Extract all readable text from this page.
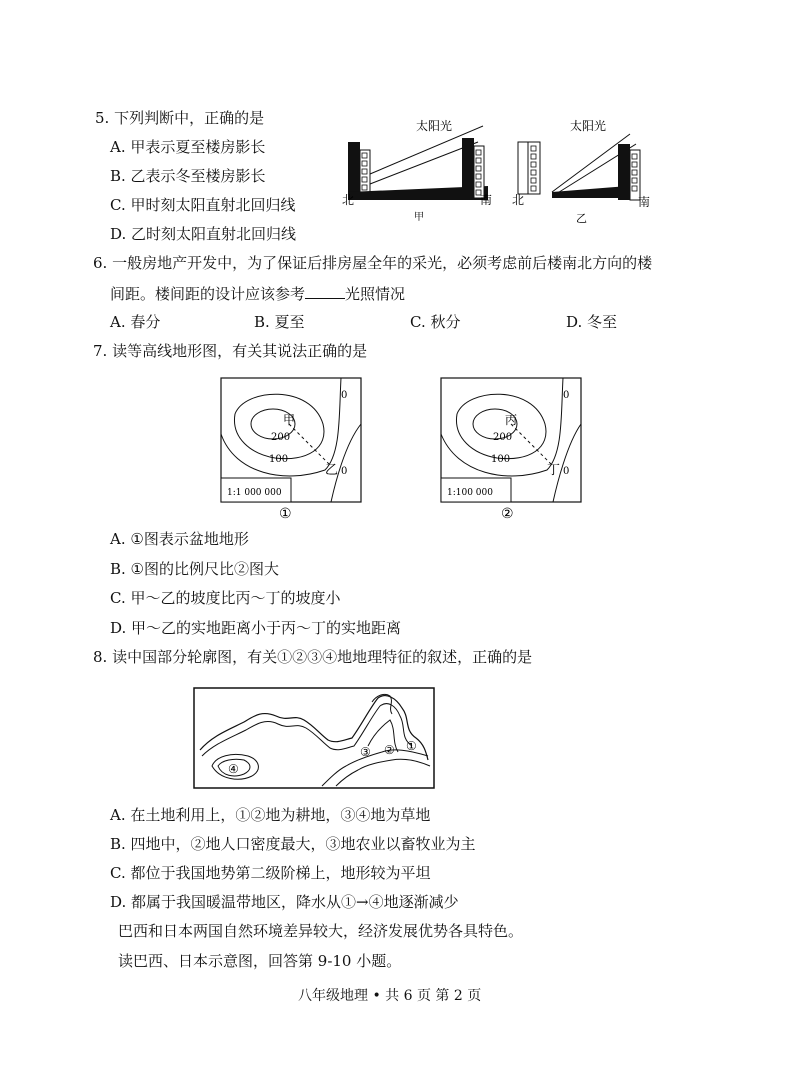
5. 下列判断中，正确的是
A. 甲表示夏至楼房影长
B. 乙表示冬至楼房影长
C. 甲时刻太阳直射北回归线
D. 乙时刻太阳直射北回归线
太阳光
北	南
甲
太阳光
北	南
乙
6. 一般房地产开发中，为了保证后排房屋全年的采光，必须考虑前后楼南北方向的楼
间距。楼间距的设计应该参考	光照情况
A. 春分	B. 夏至	C. 秋分	D. 冬至
7. 读等高线地形图，有关其说法正确的是
甲
乙 0
0
100
200
1:1 000 000
①
丙
丁 0
0
100
200
1:100 000
②
A. ①图表示盆地地形
B. ①图的比例尺比②图大
C. 甲～乙的坡度比丙～丁的坡度小
D. 甲～乙的实地距离小于丙～丁的实地距离
8. 读中国部分轮廓图，有关①②③④地地理特征的叙述，正确的是
④
③ ② ①
A. 在土地利用上，①②地为耕地，③④地为草地
B. 四地中，②地人口密度最大，③地农业以畜牧业为主
C. 都位于我国地势第二级阶梯上，地形较为平坦
D. 都属于我国暖温带地区，降水从①→④地逐渐减少
巴西和日本两国自然环境差异较大，经济发展优势各具特色。
读巴西、日本示意图，回答第 9-10 小题。
八年级地理 • 共 6 页 第 2 页
